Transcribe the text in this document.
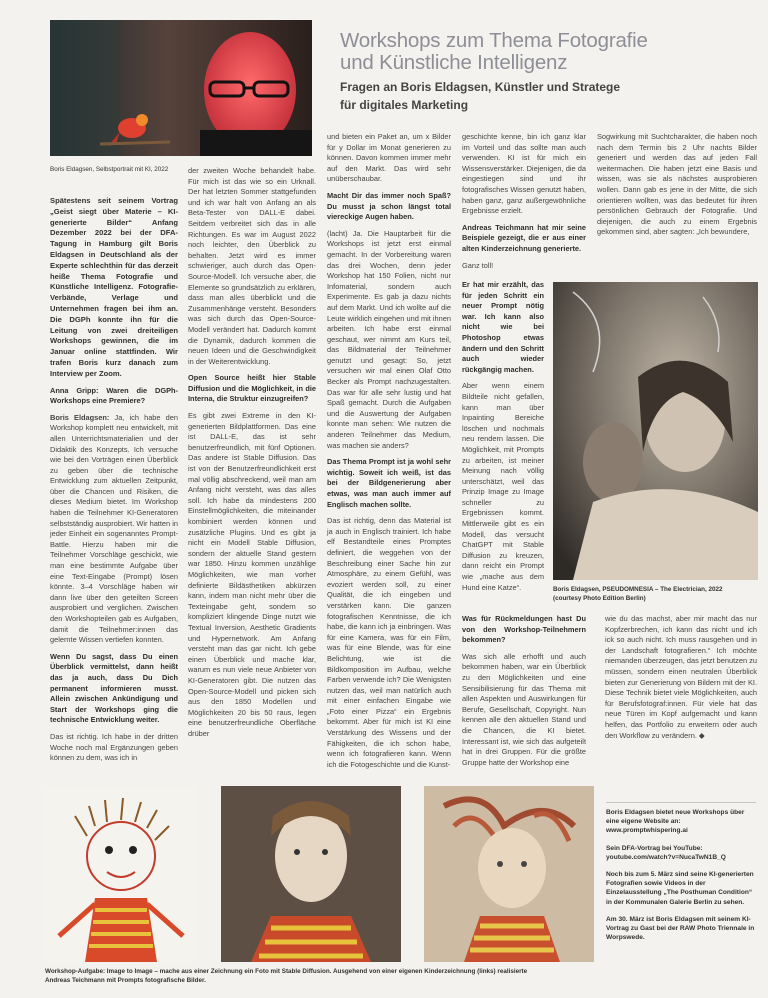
Boris Eldagsen, Selbstportrait mit KI, 2022
Workshops zum Thema Fotografie
und Künstliche Intelligenz
Fragen an Boris Eldagsen, Künstler und Stratege
für digitales Marketing

Spätestens seit seinem Vortrag „Geist siegt über Materie – KI-generierte Bilder“ Anfang Dezember 2022 bei der DFA-Tagung in Hamburg gilt Boris Eldagsen in Deutschland als der Experte schlechthin für das derzeit heiße Thema Fotografie und Künstliche Intelligenz. Fotografie-Verbände, Verlage und Unternehmen fragen bei ihm an. Die DGPh konnte ihn für die Leitung von zwei dreiteiligen Workshops gewinnen, die im Januar online stattfinden. Wir trafen Boris kurz danach zum Interview per Zoom.

Anna Gripp: Waren die DGPh-Workshops eine Premiere?

Boris Eldagsen: Ja, ich habe den Workshop komplett neu entwickelt, mit allen Unterrichtsmaterialien und der Didaktik des Konzepts. Ich versuche wie bei den Vorträgen einen Überblick zu geben über die technische Entwicklung zum aktuellen Zeitpunkt, über die Chancen und Risiken, die dieses Medium bietet. Im Workshop haben die Teilnehmer KI-Generatoren selbstständig ausprobiert. Wir hatten in jeder Einheit ein sogenanntes Prompt-Battle. Hierzu haben mir die Teilnehmer Vorschläge geschickt, wie man eine bestimmte Aufgabe über eine Text-Eingabe (Prompt) lösen könnte. 3–4 Vorschläge haben wir dann live über den geteilten Screen ausprobiert und verglichen. Zwischen den Workshopteilen gab es Aufgaben, damit die Teilnehmer:innen das gelernte Wissen vertiefen konnten.

Wenn Du sagst, dass Du einen Überblick vermittelst, dann heißt das ja auch, dass Du Dich permanent informieren musst. Allein zwischen Ankündigung und Start der Workshops ging die technische Entwicklung weiter.

Das ist richtig. Ich habe in der dritten Woche noch mal Ergänzungen geben können zu dem, was ich in

der zweiten Woche behandelt habe. Für mich ist das wie so ein Urknall. Der hat letzten Sommer stattgefunden und ich war halt von Anfang an als Beta-Tester von DALL-E dabei. Seitdem verbreitet sich das in alle Richtungen. Es war im August 2022 noch leichter, den Überblick zu behalten. Jetzt wird es immer schwieriger, auch durch das Open-Source-Modell. Ich versuche aber, die Elemente so grundsätzlich zu erklären, dass man alles überblickt und die Zusammenhänge versteht. Besonders was sich durch das Open-Source-Modell verändert hat. Dadurch kommt die Dynamik, dadurch kommen die neuen Ideen und die Geschwindigkeit in der Weiterentwicklung.

Open Source heißt hier Stable Diffusion und die Möglichkeit, in die Interna, die Struktur einzugreifen?

Es gibt zwei Extreme in den KI-generierten Bildplattformen. Das eine ist DALL-E, das ist sehr benutzerfreundlich, mit fünf Optionen. Das andere ist Stable Diffusion. Das ist von der Benutzerfreundlichkeit erst mal völlig abschreckend, weil man am Anfang nicht versteht, was das alles soll. Ich habe da mindestens 200 Einstellmöglichkeiten, die miteinander kombiniert werden können und zusätzliche Plugins. Und es gibt ja nicht ein Modell Stable Diffusion, sondern der aktuelle Stand gestern war 1850. Hinzu kommen unzählige Möglichkeiten, wie man vorher definierte Bildästhetiken abkürzen kann, indem man nicht mehr über die Texteingabe geht, sondern so kompliziert klingende Dinge nutzt wie Textual Inversion, Aesthetic Gradients und Hypernetwork. Am Anfang versteht man das gar nicht. Ich gebe einen Überblick und mache klar, warum es nun viele neue Anbieter von KI-Generatoren gibt. Die nutzen das Open-Source-Modell und picken sich aus den 1850 Modellen und Möglichkeiten 20 bis 50 raus, legen eine benutzerfreundliche Oberfläche drüber

und bieten ein Paket an, um x Bilder für y Dollar im Monat generieren zu können. Davon kommen immer mehr auf den Markt. Das wird sehr unüberschaubar.

Macht Dir das immer noch Spaß? Du musst ja schon längst total viereckige Augen haben.

(lacht) Ja. Die Hauptarbeit für die Workshops ist jetzt erst einmal gemacht. In der Vorbereitung waren das drei Wochen, denn jeder Workshop hat 150 Folien, nicht nur Infomaterial, sondern auch Experimente. Es gab ja dazu nichts auf dem Markt. Und ich wollte auf die Leute wirklich eingehen und mit ihnen arbeiten. Ich habe erst einmal geschaut, wer nimmt am Kurs teil, das Bildmaterial der Teilnehmer genutzt und gesagt: So, jetzt versuchen wir mal einen Olaf Otto Becker als Prompt nachzugestalten. Das war für alle sehr lustig und hat Spaß gemacht. Durch die Aufgaben und die Auswertung der Aufgaben konnte man sehen: Wie nutzen die anderen Teilnehmer das Medium, was machen sie anders?

Das Thema Prompt ist ja wohl sehr wichtig. Soweit ich weiß, ist das bei der Bildgenerierung aber etwas, was man auch immer auf Englisch machen sollte.

Das ist richtig, denn das Material ist ja auch in Englisch trainiert. Ich habe elf Bestandteile eines Promptes definiert, die weggehen von der Beschreibung einer Sache hin zur Atmosphäre, zu einem Gefühl, was evoziert werden soll, zu einer Qualität, die ich eingeben und verstärken kann. Die ganzen fotografischen Kenntnisse, die ich habe, die kann ich ja einbringen. Was für eine Kamera, was für ein Film, was für eine Blende, was für eine Belichtung, wie ist die Bildkomposition im Aufbau, welche Farben verwende ich? Die Wenigsten nutzen das, weil man natürlich auch mit einer einfachen Eingabe wie „Foto einer Pizza“ ein Ergebnis bekommt. Aber für mich ist KI eine Verstärkung des Wissens und der Fähigkeiten, die ich schon habe, wenn ich fotografieren kann. Wenn ich die Fotogeschichte und die Kunst-

geschichte kenne, bin ich ganz klar im Vorteil und das sollte man auch verwenden. KI ist für mich ein Wissensverstärker. Diejenigen, die da eingestiegen sind und ihr fotografisches Wissen genutzt haben, haben ganz, ganz außergewöhnliche Ergebnisse erzielt.

Andreas Teichmann hat mir seine Beispiele gezeigt, die er aus einer alten Kinderzeichnung generierte.

Ganz toll!

Er hat mir erzählt, das für jeden Schritt ein neuer Prompt nötig war. Ich kann also nicht wie bei Photoshop etwas ändern und den Schritt auch wieder rückgängig machen.

Aber wenn einem Bildteile nicht gefallen, kann man über Inpainting Bereiche löschen und nochmals neu rendern lassen. Die Möglichkeit, mit Prompts zu arbeiten, ist meiner Meinung nach völlig unterschätzt, weil das Prinzip Image zu Image schneller zu Ergebnissen kommt. Mittlerweile gibt es ein Modell, das versucht ChatGPT mit Stable Diffusion zu kreuzen, dann reicht ein Prompt wie „mache aus dem Hund eine Katze“.

Was für Rückmeldungen hast Du von den Workshop-Teilnehmern bekommen?

Was sich alle erhofft und auch bekommen haben, war ein Überblick zu den Möglichkeiten und eine Sensibilisierung für das Thema mit allen Aspekten und Auswirkungen für Berufe, Gesellschaft, Copyright. Nun kennen alle den aktuellen Stand und die Chancen, die KI bietet. Interessant ist, wie sich das aufgeteilt hat in drei Gruppen. Für die größte Gruppe hatte der Workshop eine

Sogwirkung mit Suchtcharakter, die haben noch nach dem Termin bis 2 Uhr nachts Bilder generiert und werden das auf jeden Fall weitermachen. Die haben jetzt eine Basis und wissen, was sie als nächstes ausprobieren wollen. Dann gab es jene in der Mitte, die sich orientieren wollten, was das bedeutet für ihren persönlichen Gebrauch der Fotografie. Und diejenigen, die auch zu einem Ergebnis gekommen sind, aber sagten: „Ich bewundere,

Boris Eldagsen, PSEUDOMNESIA – The Electrician, 2022
(courtesy Photo Edition Berlin)

wie du das machst, aber mir macht das nur Kopfzerbrechen, ich kann das nicht und ich ick so auch nicht. Ich muss rausgehen und in der Landschaft fotografieren.“ Ich möchte niemanden überzeugen, das jetzt benutzen zu müssen, sondern einen neutralen Überblick bieten zur Generierung von Bildern mit der KI. Diese Technik bietet viele Möglichkeiten, auch für Berufsfotograf:innen. Für viele hat das neue Türen im Kopf aufgemacht und kann helfen, das Portfolio zu erweitern oder auch den Workflow zu verändern. ◆

Boris Eldagsen bietet neue Workshops über eine eigene Website an: www.promptwhispering.ai

Sein DFA-Vortrag bei YouTube: youtube.com/watch?v=NucaTwN1B_Q

Noch bis zum 5. März sind seine KI-generierten Fotografien sowie Videos in der Einzelausstellung „The Posthuman Condition“ in der Kommunalen Galerie Berlin zu sehen.

Am 30. März ist Boris Eldagsen mit seinem KI-Vortrag zu Gast bei der RAW Photo Triennale in Worpswede.

Workshop-Aufgabe: Image to Image – mache aus einer Zeichnung ein Foto mit Stable Diffusion. Ausgehend von einer eigenen Kinderzeichnung (links) realisierte
Andreas Teichmann mit Prompts fotografische Bilder.
